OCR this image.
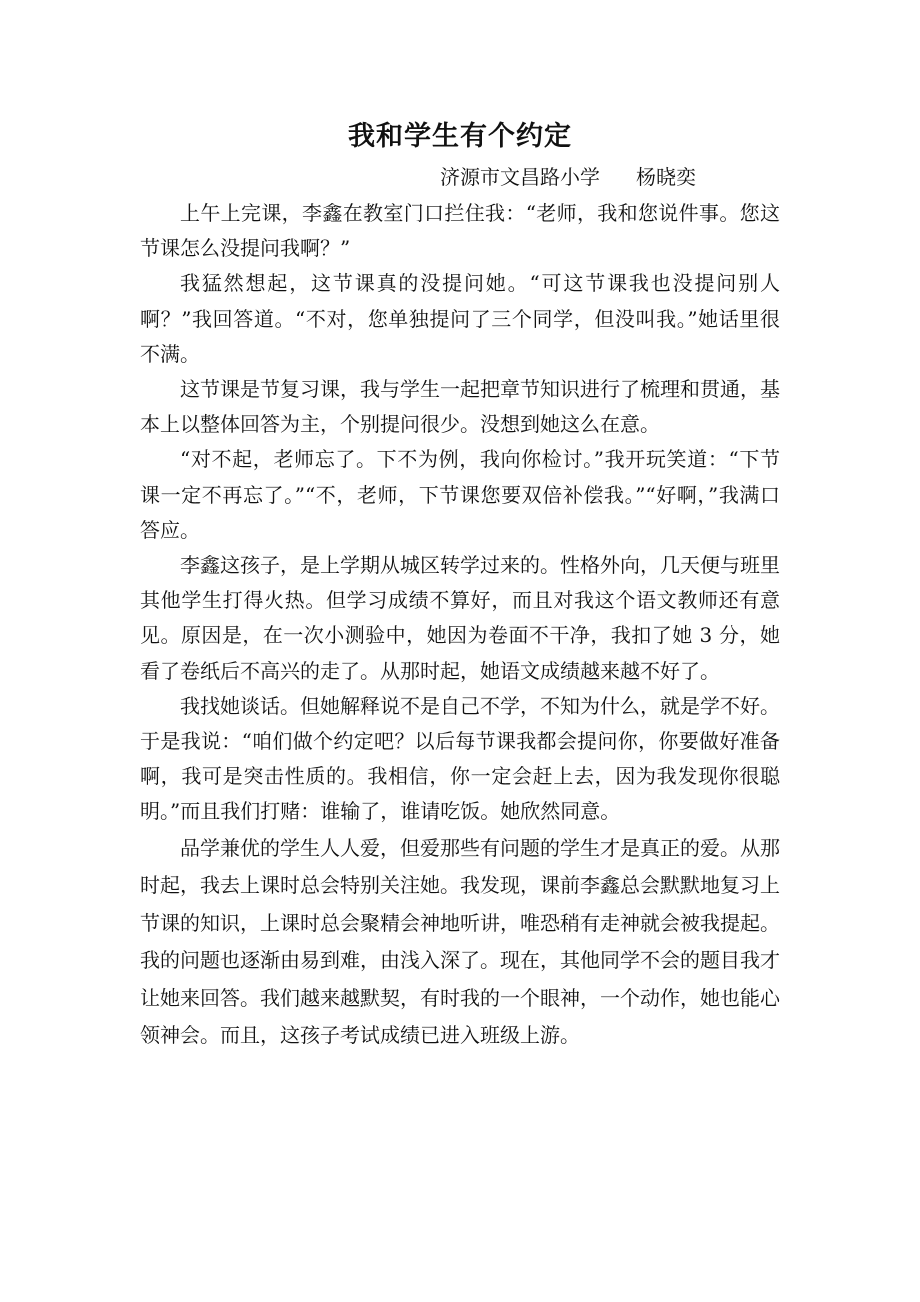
我和学生有个约定
济源市文昌路小学 杨晓奕

上午上完课，李鑫在教室门口拦住我：“老师，我和您说件事。您这节课怎么没提问我啊？”

我猛然想起，这节课真的没提问她。“可这节课我也没提问别人啊？”我回答道。“不对，您单独提问了三个同学，但没叫我。”她话里很不满。

这节课是节复习课，我与学生一起把章节知识进行了梳理和贯通，基本上以整体回答为主，个别提问很少。没想到她这么在意。

“对不起，老师忘了。下不为例，我向你检讨。”我开玩笑道：“下节课一定不再忘了。”“不，老师，下节课您要双倍补偿我。”“好啊，”我满口答应。

李鑫这孩子，是上学期从城区转学过来的。性格外向，几天便与班里其他学生打得火热。但学习成绩不算好，而且对我这个语文教师还有意见。原因是，在一次小测验中，她因为卷面不干净，我扣了她 3 分，她看了卷纸后不高兴的走了。从那时起，她语文成绩越来越不好了。

我找她谈话。但她解释说不是自己不学，不知为什么，就是学不好。于是我说：“咱们做个约定吧？以后每节课我都会提问你，你要做好准备啊，我可是突击性质的。我相信，你一定会赶上去，因为我发现你很聪明。”而且我们打赌：谁输了，谁请吃饭。她欣然同意。

品学兼优的学生人人爱，但爱那些有问题的学生才是真正的爱。从那时起，我去上课时总会特别关注她。我发现，课前李鑫总会默默地复习上节课的知识，上课时总会聚精会神地听讲，唯恐稍有走神就会被我提起。我的问题也逐渐由易到难，由浅入深了。现在，其他同学不会的题目我才让她来回答。我们越来越默契，有时我的一个眼神，一个动作，她也能心领神会。而且，这孩子考试成绩已进入班级上游。
